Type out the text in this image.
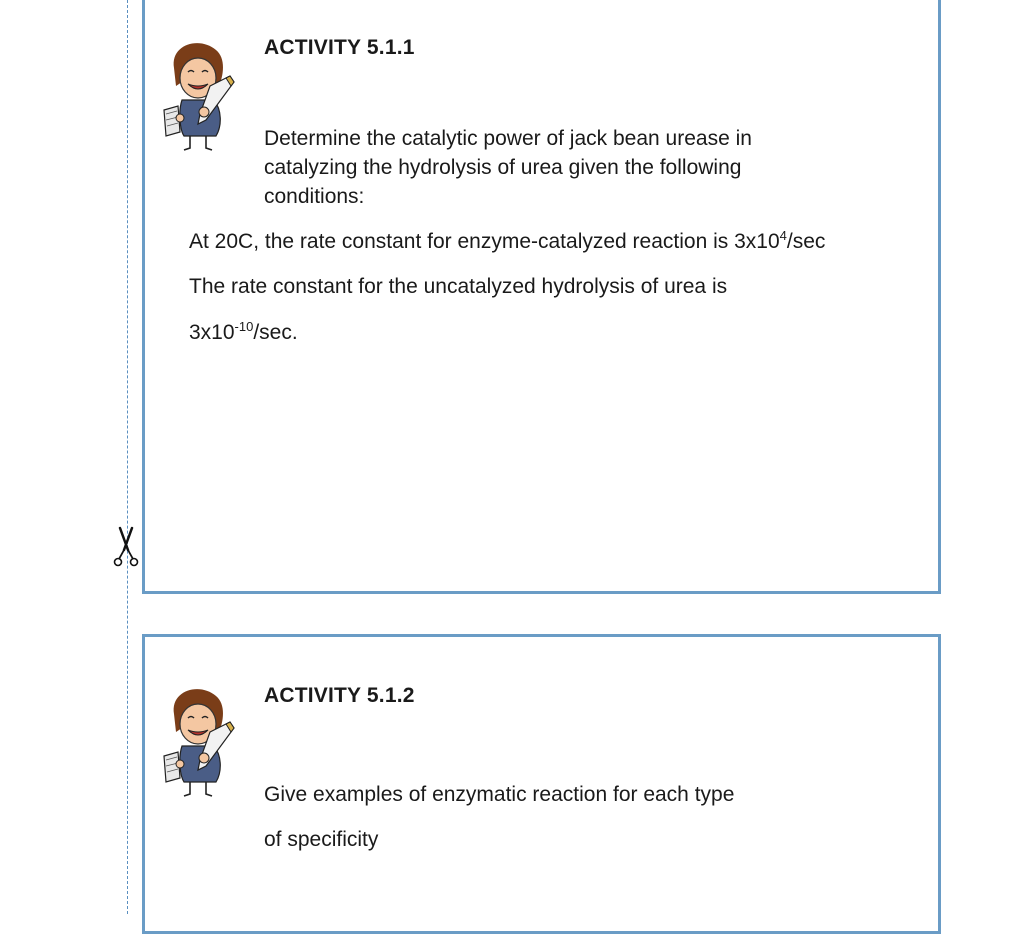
ACTIVITY 5.1.1
Determine the catalytic power of jack bean urease in
catalyzing the hydrolysis of urea given the following
conditions:
At 20C, the rate constant for enzyme-catalyzed reaction is $3x10^4/\sec$
The rate constant for the uncatalyzed hydrolysis of urea is
$3x10^{-10}/\sec$.
ACTIVITY 5.1.2
Give examples of enzymatic reaction for each type
of specificity
